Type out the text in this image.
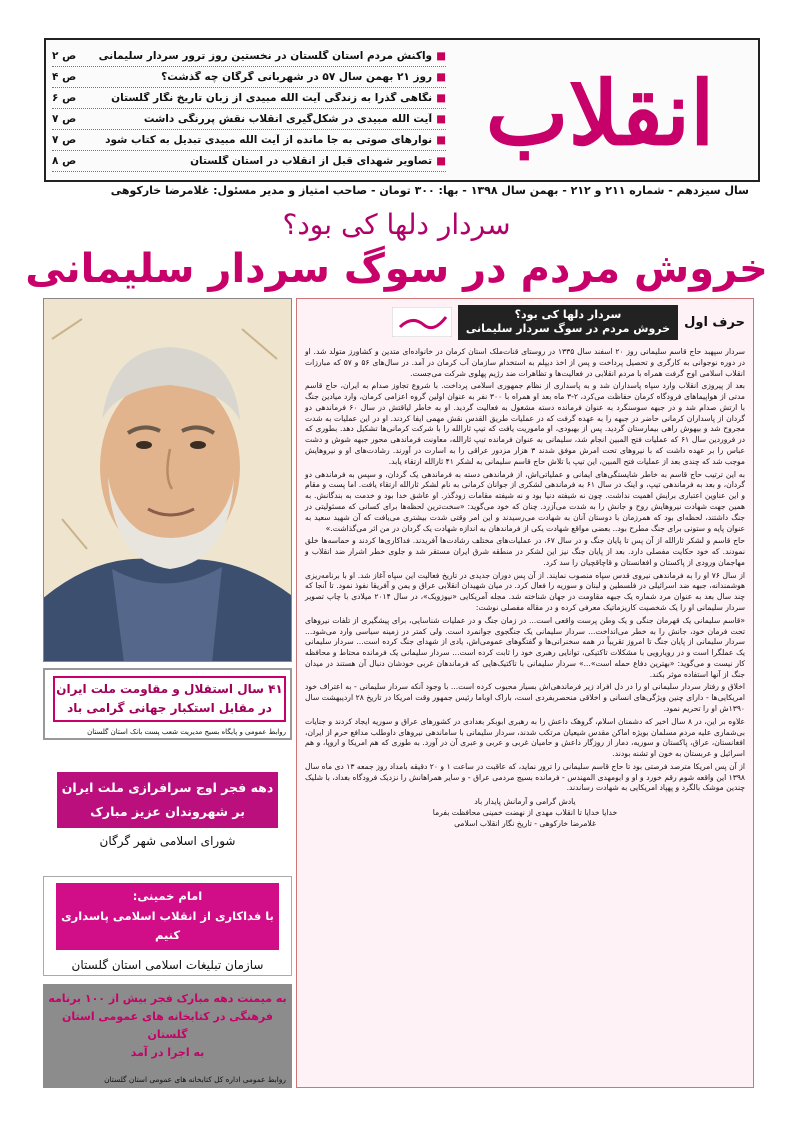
انقلاب
■واکنش مردم استان گلستان در نخستین روز ترور سردار سلیمانی
ص ۲
■روز ۲۱ بهمن سال ۵۷ در شهربانی گرگان چه گذشت؟
ص ۴
■نگاهی گذرا به زندگی آیت الله مبیدی از زبان تاریخ نگار گلستان
ص ۶
■آیت الله مبیدی در شکل‌گیری انقلاب نقش پررنگی داشت
ص ۷
■نوارهای صوتی به جا مانده از آیت الله مبیدی تبدیل به کتاب شود
ص ۷
■تصاویر شهدای قبل از انقلاب در استان گلستان
ص ۸
سال سیزدهم - شماره ۲۱۱ و ۲۱۲ - بهمن سال ۱۳۹۸ - بها: ۳۰۰ تومان - صاحب امتیاز و مدیر مسئول: غلامرضا خارکوهی
سردار دلها کی بود؟
خروش مردم در سوگ سردار سلیمانی
حرف اول
سردار دلها کی بود؟
خروش مردم در سوگ سردار سلیمانی

سردار سپهبد حاج قاسم سلیمانی روز ۲۰ اسفند سال ۱۳۳۵ در روستای قنات‌ملک استان کرمان در خانواده‌ای متدین و کشاورز متولد شد. او در دوره نوجوانی به کارگری و تحصیل پرداخت و پس از اخذ دیپلم به استخدام سازمان آب کرمان در آمد. در سال‌های ۵۶ و ۵۷ که مبارزات انقلاب اسلامی اوج گرفت همراه با مردم انقلابی در فعالیت‌ها و تظاهرات ضد رژیم پهلوی شرکت می‌جست.

بعد از پیروزی انقلاب وارد سپاه پاسداران شد و به پاسداری از نظام جمهوری اسلامی پرداخت. با شروع تجاوز صدام به ایران، حاج قاسم مدتی از هواپیماهای فرودگاه کرمان حفاظت می‌کرد، ۲-۳ ماه بعد او همراه با ۳۰۰ نفر به عنوان اولین گروه اعزامی کرمان، وارد میادین جنگ با ارتش صدام شد و در جبهه سوسنگرد به عنوان فرمانده دسته مشغول به فعالیت گردید. او به خاطر لیاقتش در سال ۶۰ فرماندهی دو گردان از پاسداران کرمانی حاضر در جبهه را به عهده گرفت که در عملیات طریق القدس نقش مهمی ایفا کردند. او در این عملیات به شدت مجروح شد و بیهوش راهی بیمارستان گردید. پس از بهبودی، او ماموریت یافت که تیپ ثارالله را با شرکت کرمانی‌ها تشکیل دهد. بطوری که در فروردین سال ۶۱ که عملیات فتح المبین انجام شد، سلیمانی به عنوان فرمانده تیپ ثارالله، معاونت فرماندهی محور جبهه شوش و دشت عباس را بر عهده داشت که با نیروهای تحت امرش موفق شدند ۳ هزار مزدور عراقی را به اسارت در آورند. رشادت‌های او و نیروهایش موجب شد که چندی بعد از عملیات فتح المبین، این تیپ با تلاش حاج قاسم سلیمانی به لشکر ۴۱ ثارالله ارتقاء یابد.

به این ترتیب حاج قاسم به خاطر شایستگی‌های ایمانی و عملیاتی‌اش، از فرماندهی دسته به فرماندهی یک گردان، و سپس به فرماندهی دو گردان، و بعد به فرماندهی تیپ، و اینک در سال ۶۱ به فرماندهی لشکری از جوانان کرمانی به نام لشکر ثارالله ارتقاء یافت. اما پست و مقام و این عناوین اعتباری برایش اهمیت نداشت. چون نه شیفته دنیا بود و نه شیفته مقامات زودگذر. او عاشق خدا بود و خدمت به بندگانش. به همین جهت شهادت نیروهایش روح و جانش را به شدت می‌آزرد. چنان که خود می‌گوید: «سخت‌ترین لحظه‌ها برای کسانی که مسئولیتی در جنگ داشتند، لحظه‌ای بود که همرزمان با دوستان آنان به شهادت می‌رسیدند و این امر وقتی شدت بیشتری می‌یافت که آن شهید سعید به عنوان پایه و ستونی برای جنگ مطرح بود.. بعضی مواقع شهادت یکی از فرماندهان به اندازه شهادت یک گردان در من اثر می‌گذاشت.»

حاج قاسم و لشکر ثارالله از آن پس تا پایان جنگ و در سال ۶۷، در عملیات‌های مختلف رشادت‌ها آفریدند. فداکاری‌ها کردند و حماسه‌ها خلق نمودند. که خود حکایت مفصلی دارد. بعد از پایان جنگ نیز این لشکر در منطقه شرق ایران مستقر شد و جلوی خطر اشرار ضد انقلاب و مهاجمان ورودی از پاکستان و افغانستان و قاچاقچیان را سد کرد.

از سال ۷۶ او را به فرماندهی نیروی قدس سپاه منصوب نمایند. از آن پس دوران جدیدی در تاریخ فعالیت این سپاه آغاز شد. او با برنامه‌ریزی هوشمندانه، جبهه ضد اسرائیلی در فلسطین و لبنان و سوریه را فعال کرد. در میان شهیدان انقلابی عراق و یمن و آفریقا نفوذ نمود. تا آنجا که چند سال بعد به عنوان مرد شماره یک جبهه مقاومت در جهان شناخته شد. مجله آمریکایی «نیوزویک»، در سال ۲۰۱۴ میلادی با چاپ تصویر سردار سلیمانی او را یک شخصیت کاریزماتیک معرفی کرده و در مقاله مفصلی نوشت:

«قاسم سلیمانی یک قهرمان جنگی و یک وطن پرست واقعی است... در زمان جنگ و در عملیات شناسایی، برای پیشگیری از تلفات نیروهای تحت فرمان خود، جانش را به خطر می‌انداخت... سردار سلیمانی یک جنگجوی جوانمرد است. ولی کمتر در زمینه سیاسی وارد می‌شود... سردار سلیمانی از پایان جنگ تا امروز تقریباً در همه سخنرانی‌ها و گفتگوهای عمومی‌اش، یادی از شهدای جنگ کرده است... سردار سلیمانی یک عملگرا است و در رویارویی با مشکلات تاکتیکی، توانایی رهبری خود را ثابت کرده است... سردار سلیمانی یک فرمانده محتاط و محافظه کار نیست و می‌گوید: «بهترین دفاع حمله است»...» سردار سلیمانی با تاکتیک‌هایی که فرماندهان غربی خودشان دنبال آن هستند در میدان جنگ از آنها استفاده موثر بکند.

اخلاق و رفتار سردار سلیمانی او را در دل افراد زیر فرماندهی‌اش بسیار محبوب کرده است... با وجود آنکه سردار سلیمانی - به اعتراف خود امریکایی‌ها - دارای چنین ویژگی‌های انسانی و اخلاقی منحصربفردی است، باراک اوباما رئیس جمهور وقت امریکا در تاریخ ۲۸ اردیبهشت سال ۱۳۹۰ش او را تحریم نمود.

علاوه بر این، در ۸ سال اخیر که دشمنان اسلام، گروهک داعش را به رهبری ابوبکر بغدادی در کشورهای عراق و سوریه ایجاد کردند و جنایات بی‌شماری علیه مردم مسلمان بویژه اماکن مقدس شیعیان مرتکب شدند، سردار سلیمانی با ساماندهی نیروهای داوطلب مدافع حرم از ایران، افغانستان، عراق، پاکستان و سوریه، دمار از روزگار داعش و حامیان غربی و عربی و عبری آن در آورد. به طوری که هم امریکا و اروپا، و هم اسرائیل و عربستان به خون او تشنه بودند.

از آن پس امریکا مترصد فرصتی بود تا حاج قاسم سلیمانی را ترور نماید، که عاقبت در ساعت ۱ و ۲۰ دقیقه بامداد روز جمعه ۱۳ دی ماه سال ۱۳۹۸ این واقعه شوم رقم خورد و او و ابومهدی المهندس - فرمانده بسیج مردمی عراق - و سایر همراهانش را نزدیک فرودگاه بغداد، با شلیک چندین موشک بالگرد و پهپاد امریکایی به شهادت رساندند.

یادش گرامی و آرمانش پایدار باد
خدایا خدایا تا انقلاب مهدی از نهضت خمینی محافظت بفرما
غلامرضا خارکوهی - تاریخ نگار انقلاب اسلامی
۴۱ سال استقلال و مقاومت ملت ایران
در مقابل استکبار جهانی گرامی باد
روابط عمومی و پایگاه بسیج مدیریت شعب پست بانک استان گلستان
دهه فجر اوج سرافرازی ملت ایران
بر شهروندان عزیز مبارک
شورای اسلامی شهر گرگان
امام خمینی:
با فداکاری از انقلاب اسلامی پاسداری کنیم
سازمان تبلیغات اسلامی استان گلستان
به میمنت دهه مبارک فجر بیش از ۱۰۰ برنامه
فرهنگی در کتابخانه های عمومی استان گلستان
به اجرا در آمد
روابط عمومی اداره کل کتابخانه های عمومی استان گلستان
